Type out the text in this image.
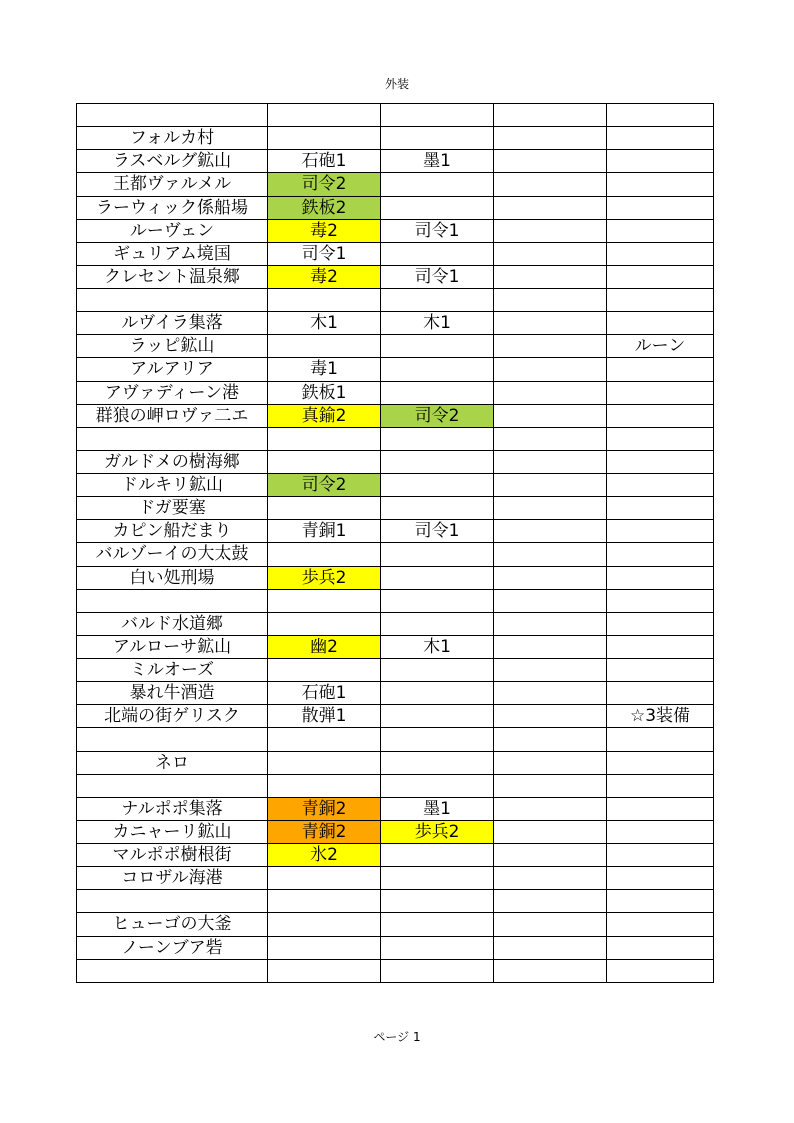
外装

フォルカ村				
ラスベルグ鉱山	石砲1	墨1		
王都ヴァルメル	司令2			
ラーウィック係船場	鉄板2			
ルーヴェン	毒2	司令1		
ギュリアム境国	司令1			
クレセント温泉郷	毒2	司令1		

ルヴイラ集落	木1	木1		
ラッピ鉱山				ルーン
アルアリア	毒1			
アヴァディーン港	鉄板1			
群狼の岬ロヴァ二エ	真鍮2	司令2		

ガルドメの樹海郷				
ドルキリ鉱山	司令2			
ドガ要塞				
カピン船だまり	青銅1	司令1		
バルゾーイの大太鼓				
白い処刑場	歩兵2			

バルド水道郷				
アルローサ鉱山	幽2	木1		
ミルオーズ				
暴れ牛酒造	石砲1			
北端の街ゲリスク	散弾1			☆3装備

ネロ				

ナルポポ集落	青銅2	墨1		
カニャーリ鉱山	青銅2	歩兵2		
マルポポ樹根街	氷2			
コロザル海港				

ヒューゴの大釜				
ノーンブア砦				

ページ 1
